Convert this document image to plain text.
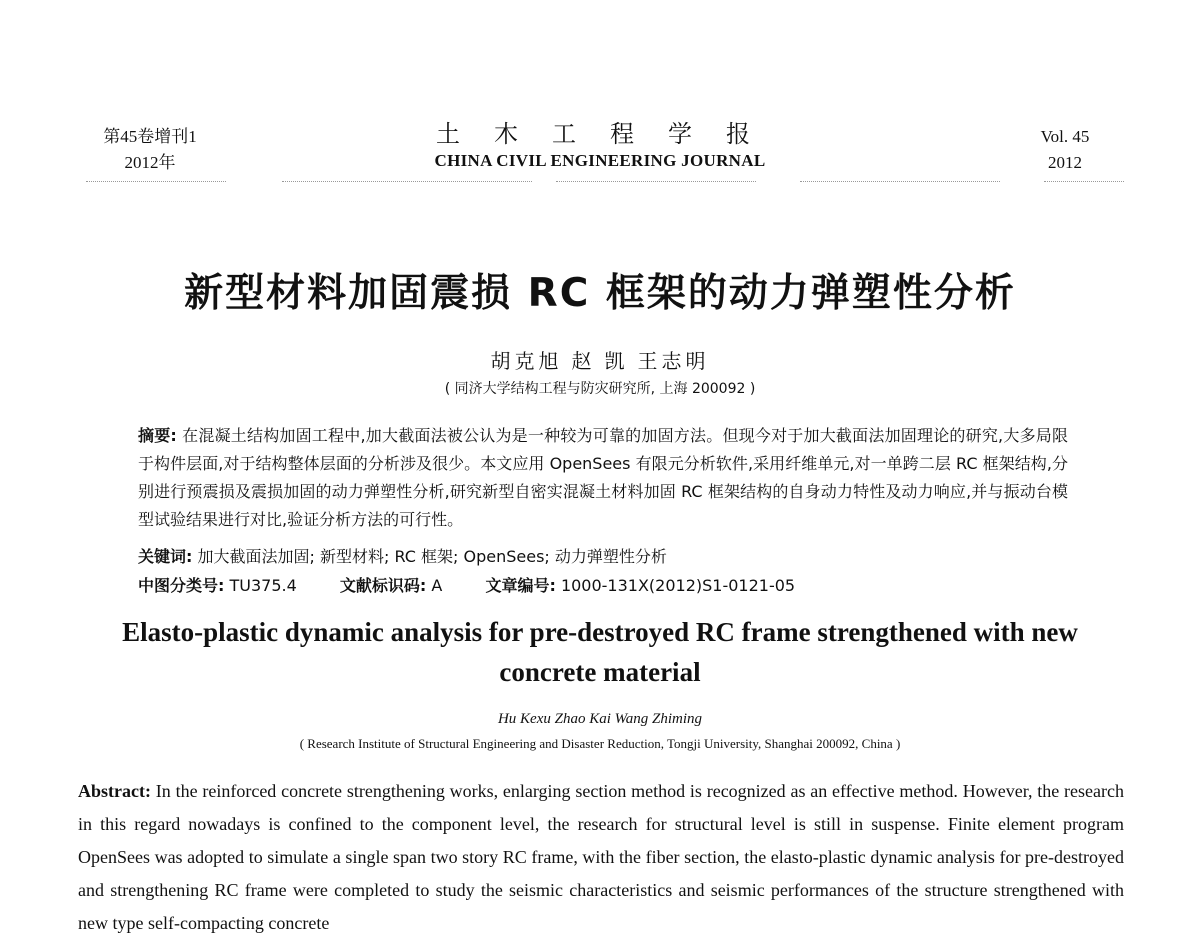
第45卷增刊1
2012年
土 木 工 程 学 报
CHINA CIVIL ENGINEERING JOURNAL
Vol. 45
2012
新型材料加固震损 RC 框架的动力弹塑性分析
胡克旭 赵 凯 王志明
( 同济大学结构工程与防灾研究所, 上海 200092 )
摘要: 在混凝土结构加固工程中,加大截面法被公认为是一种较为可靠的加固方法。但现今对于加大截面法加固理论的研究,大多局限于构件层面,对于结构整体层面的分析涉及很少。本文应用 OpenSees 有限元分析软件,采用纤维单元,对一单跨二层 RC 框架结构,分别进行预震损及震损加固的动力弹塑性分析,研究新型自密实混凝土材料加固 RC 框架结构的自身动力特性及动力响应,并与振动台模型试验结果进行对比,验证分析方法的可行性。
关键词: 加大截面法加固; 新型材料; RC 框架; OpenSees; 动力弹塑性分析
中图分类号: TU375.4	文献标识码: A	文章编号: 1000-131X(2012)S1-0121-05
Elasto-plastic dynamic analysis for pre-destroyed RC frame strengthened with new concrete material
Hu Kexu Zhao Kai Wang Zhiming
( Research Institute of Structural Engineering and Disaster Reduction, Tongji University, Shanghai 200092, China )
Abstract: In the reinforced concrete strengthening works, enlarging section method is recognized as an effective method. However, the research in this regard nowadays is confined to the component level, the research for structural level is still in suspense. Finite element program OpenSees was adopted to simulate a single span two story RC frame, with the fiber section, the elasto-plastic dynamic analysis for pre-destroyed and strengthening RC frame were completed to study the seismic characteristics and seismic performances of the structure strengthened with new type self-compacting concrete
